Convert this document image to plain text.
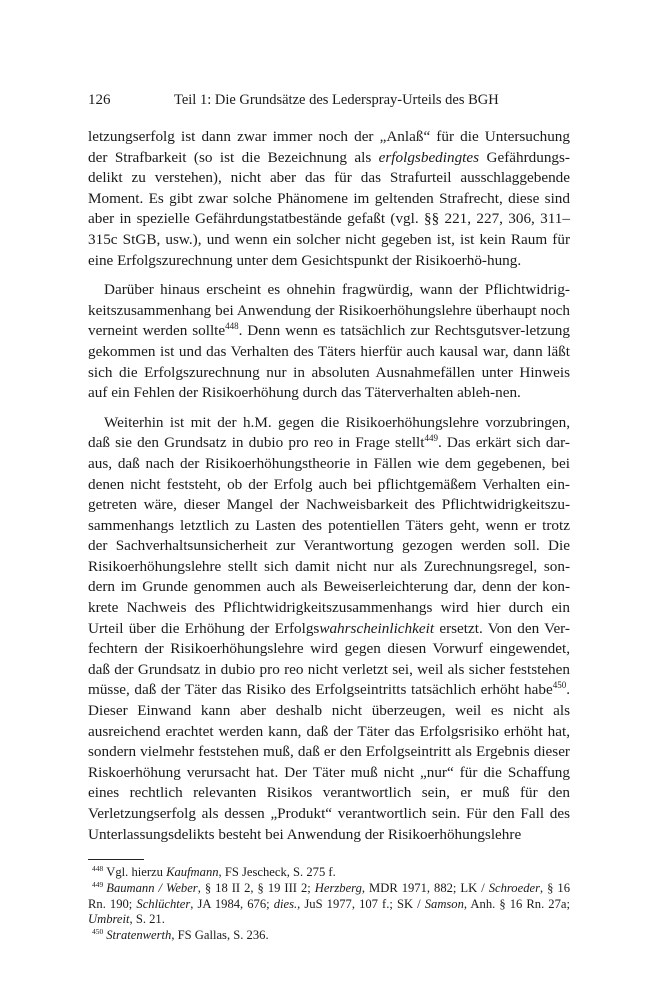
126	Teil 1: Die Grundsätze des Lederspray-Urteils des BGH

letzungserfolg ist dann zwar immer noch der „Anlaß“ für die Untersuchung der Strafbarkeit (so ist die Bezeichnung als erfolgsbedingtes Gefährdungs-delikt zu verstehen), nicht aber das für das Strafurteil ausschlaggebende Moment. Es gibt zwar solche Phänomene im geltenden Strafrecht, diese sind aber in spezielle Gefährdungstatbestände gefaßt (vgl. §§ 221, 227, 306, 311–315c StGB, usw.), und wenn ein solcher nicht gegeben ist, ist kein Raum für eine Erfolgszurechnung unter dem Gesichtspunkt der Risikoerhö-hung.

Darüber hinaus erscheint es ohnehin fragwürdig, wann der Pflichtwidrig-keitszusammenhang bei Anwendung der Risikoerhöhungslehre überhaupt noch verneint werden sollte$^{448}$. Denn wenn es tatsächlich zur Rechtsgutsver-letzung gekommen ist und das Verhalten des Täters hierfür auch kausal war, dann läßt sich die Erfolgszurechnung nur in absoluten Ausnahmefällen unter Hinweis auf ein Fehlen der Risikoerhöhung durch das Täterverhalten ableh-nen.

Weiterhin ist mit der h.M. gegen die Risikoerhöhungslehre vorzubringen, daß sie den Grundsatz in dubio pro reo in Frage stellt$^{449}$. Das erkärt sich dar-aus, daß nach der Risikoerhöhungstheorie in Fällen wie dem gegebenen, bei denen nicht feststeht, ob der Erfolg auch bei pflichtgemäßem Verhalten ein-getreten wäre, dieser Mangel der Nachweisbarkeit des Pflichtwidrigkeitszu-sammenhangs letztlich zu Lasten des potentiellen Täters geht, wenn er trotz der Sachverhaltsunsicherheit zur Verantwortung gezogen werden soll. Die Risikoerhöhungslehre stellt sich damit nicht nur als Zurechnungsregel, son-dern im Grunde genommen auch als Beweiserleichterung dar, denn der kon-krete Nachweis des Pflichtwidrigkeitszusammenhangs wird hier durch ein Urteil über die Erhöhung der Erfolgswahrscheinlichkeit ersetzt. Von den Ver-fechtern der Risikoerhöhungslehre wird gegen diesen Vorwurf eingewendet, daß der Grundsatz in dubio pro reo nicht verletzt sei, weil als sicher feststehen müsse, daß der Täter das Risiko des Erfolgseintritts tatsächlich erhöht habe$^{450}$. Dieser Einwand kann aber deshalb nicht überzeugen, weil es nicht als ausreichend erachtet werden kann, daß der Täter das Erfolgsrisiko erhöht hat, sondern vielmehr feststehen muß, daß er den Erfolgseintritt als Ergebnis dieser Riskoerhöhung verursacht hat. Der Täter muß nicht „nur“ für die Schaffung eines rechtlich relevanten Risikos verantwortlich sein, er muß für den Verletzungserfolg als dessen „Produkt“ verantwortlich sein. Für den Fall des Unterlassungsdelikts besteht bei Anwendung der Risikoerhöhungslehre

$^{448}$ Vgl. hierzu Kaufmann, FS Jescheck, S. 275 f.
$^{449}$ Baumann / Weber, § 18 II 2, § 19 III 2; Herzberg, MDR 1971, 882; LK / Schroeder, § 16 Rn. 190; Schlüchter, JA 1984, 676; dies., JuS 1977, 107 f.; SK / Samson, Anh. § 16 Rn. 27a; Umbreit, S. 21.
$^{450}$ Stratenwerth, FS Gallas, S. 236.
